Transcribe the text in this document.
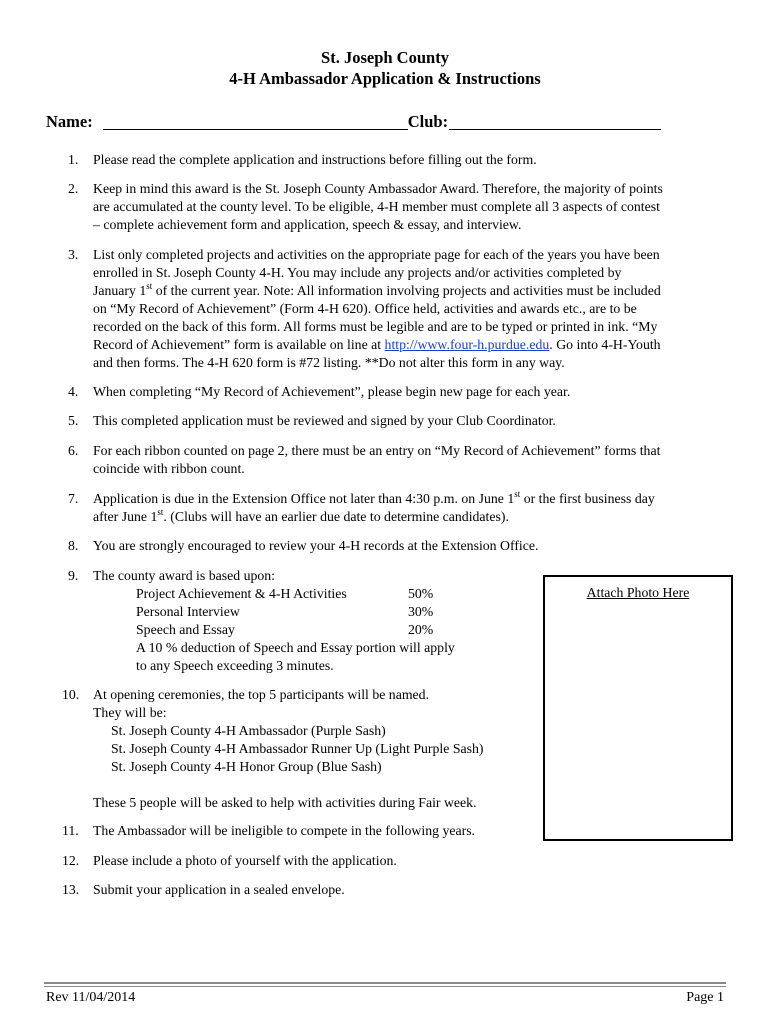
St. Joseph County
4-H Ambassador Application & Instructions
Name:	Club:
1. Please read the complete application and instructions before filling out the form.
2. Keep in mind this award is the St. Joseph County Ambassador Award. Therefore, the majority of points
are accumulated at the county level. To be eligible, 4-H member must complete all 3 aspects of contest
– complete achievement form and application, speech & essay, and interview.
3. List only completed projects and activities on the appropriate page for each of the years you have been
enrolled in St. Joseph County 4-H. You may include any projects and/or activities completed by
January 1st of the current year. Note: All information involving projects and activities must be included
on “My Record of Achievement” (Form 4-H 620). Office held, activities and awards etc., are to be
recorded on the back of this form. All forms must be legible and are to be typed or printed in ink. “My
Record of Achievement” form is available on line at http://www.four-h.purdue.edu. Go into 4-H-Youth
and then forms. The 4-H 620 form is #72 listing. **Do not alter this form in any way.
4. When completing “My Record of Achievement”, please begin new page for each year.
5. This completed application must be reviewed and signed by your Club Coordinator.
6. For each ribbon counted on page 2, there must be an entry on “My Record of Achievement” forms that
coincide with ribbon count.
7. Application is due in the Extension Office not later than 4:30 p.m. on June 1st or the first business day
after June 1st. (Clubs will have an earlier due date to determine candidates).
8. You are strongly encouraged to review your 4-H records at the Extension Office.
9. The county award is based upon:
Project Achievement & 4-H Activities	50%
Personal Interview	30%
Speech and Essay	20%
A 10 % deduction of Speech and Essay portion will apply
to any Speech exceeding 3 minutes.
10. At opening ceremonies, the top 5 participants will be named.
They will be:
St. Joseph County 4-H Ambassador (Purple Sash)
St. Joseph County 4-H Ambassador Runner Up (Light Purple Sash)
St. Joseph County 4-H Honor Group (Blue Sash)
These 5 people will be asked to help with activities during Fair week.
11. The Ambassador will be ineligible to compete in the following years.
12. Please include a photo of yourself with the application.
13. Submit your application in a sealed envelope.
Attach Photo Here
Rev 11/04/2014	Page 1
